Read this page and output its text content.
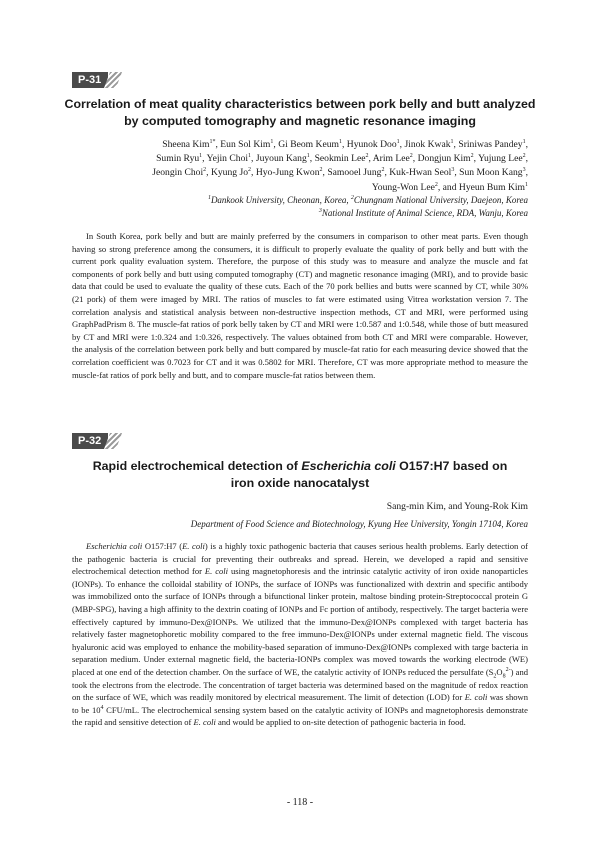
P-31
Correlation of meat quality characteristics between pork belly and butt analyzed
by computed tomography and magnetic resonance imaging
Sheena Kim$^{1*}$, Eun Sol Kim$^1$, Gi Beom Keum$^1$, Hyunok Doo$^1$, Jinok Kwak$^1$, Sriniwas Pandey$^1$,
Sumin Ryu$^1$, Yejin Choi$^1$, Juyoun Kang$^1$, Seokmin Lee$^2$, Arim Lee$^2$, Dongjun Kim$^2$, Yujung Lee$^2$,
Jeongin Choi$^2$, Kyung Jo$^2$, Hyo-Jung Kwon$^2$, Samooel Jung$^2$, Kuk-Hwan Seol$^3$, Sun Moon Kang$^3$,
Young-Won Lee$^2$, and Hyeun Bum Kim$^1$
$^1$Dankook University, Cheonan, Korea, $^2$Chungnam National University, Daejeon, Korea
$^3$National Institute of Animal Science, RDA, Wanju, Korea
In South Korea, pork belly and butt are mainly preferred by the consumers in comparison to other meat parts. Even though having so strong preference among the consumers, it is difficult to properly evaluate the quality of pork belly and butt with the current pork quality evaluation system. Therefore, the purpose of this study was to measure and analyze the muscle and fat components of pork belly and butt using computed tomography (CT) and magnetic resonance imaging (MRI), and to provide basic data that could be used to evaluate the quality of these cuts. Each of the 70 pork bellies and butts were scanned by CT, while 30% (21 pork) of them were imaged by MRI. The ratios of muscles to fat were estimated using Vitrea workstation version 7. The correlation analysis and statistical analysis between non-destructive inspection methods, CT and MRI, were performed using GraphPadPrism 8. The muscle-fat ratios of pork belly taken by CT and MRI were 1:0.587 and 1:0.548, while those of butt measured by CT and MRI were 1:0.324 and 1:0.326, respectively. The values obtained from both CT and MRI were comparable. However, the analysis of the correlation between pork belly and butt compared by muscle-fat ratio for each measuring device showed that the correlation coefficient was 0.7023 for CT and it was 0.5802 for MRI. Therefore, CT was more appropriate method to measure the muscle-fat ratios of pork belly and butt, and to compare muscle-fat ratios between them.
P-32
Rapid electrochemical detection of Escherichia coli O157:H7 based on
iron oxide nanocatalyst
Sang-min Kim, and Young-Rok Kim
Department of Food Science and Biotechnology, Kyung Hee University, Yongin 17104, Korea
Escherichia coli O157:H7 (E. coli) is a highly toxic pathogenic bacteria that causes serious health problems. Early detection of the pathogenic bacteria is crucial for preventing their outbreaks and spread. Herein, we developed a rapid and sensitive electrochemical detection method for E. coli using magnetophoresis and the intrinsic catalytic activity of iron oxide nanoparticles (IONPs). To enhance the colloidal stability of IONPs, the surface of IONPs was functionalized with dextrin and specific antibody was immobilized onto the surface of IONPs through a bifunctional linker protein, maltose binding protein-Streptococcal protein G (MBP-SPG), having a high affinity to the dextrin coating of IONPs and Fc portion of antibody, respectively. The target bacteria were effectively captured by immuno-Dex@IONPs. We utilized that the immuno-Dex@IONPs complexed with target bacteria has relatively faster magnetophoretic mobility compared to the free immuno-Dex@IONPs under external magnetic field. The viscous hyaluronic acid was employed to enhance the mobility-based separation of immuno-Dex@IONPs complexed with targe bacteria in separation medium. Under external magnetic field, the bacteria-IONPs complex was moved towards the working electrode (WE) placed at one end of the detection chamber. On the surface of WE, the catalytic activity of IONPs reduced the persulfate $(S_2O_8^{2-})$ and took the electrons from the electrode. The concentration of target bacteria was determined based on the magnitude of redox reaction on the surface of WE, which was readily monitored by electrical measurement. The limit of detection (LOD) for E. coli was shown to be $10^4$ CFU/mL. The electrochemical sensing system based on the catalytic activity of IONPs and magnetophoresis demonstrate the rapid and sensitive detection of E. coli and would be applied to on-site detection of pathogenic bacteria in food.
- 118 -
